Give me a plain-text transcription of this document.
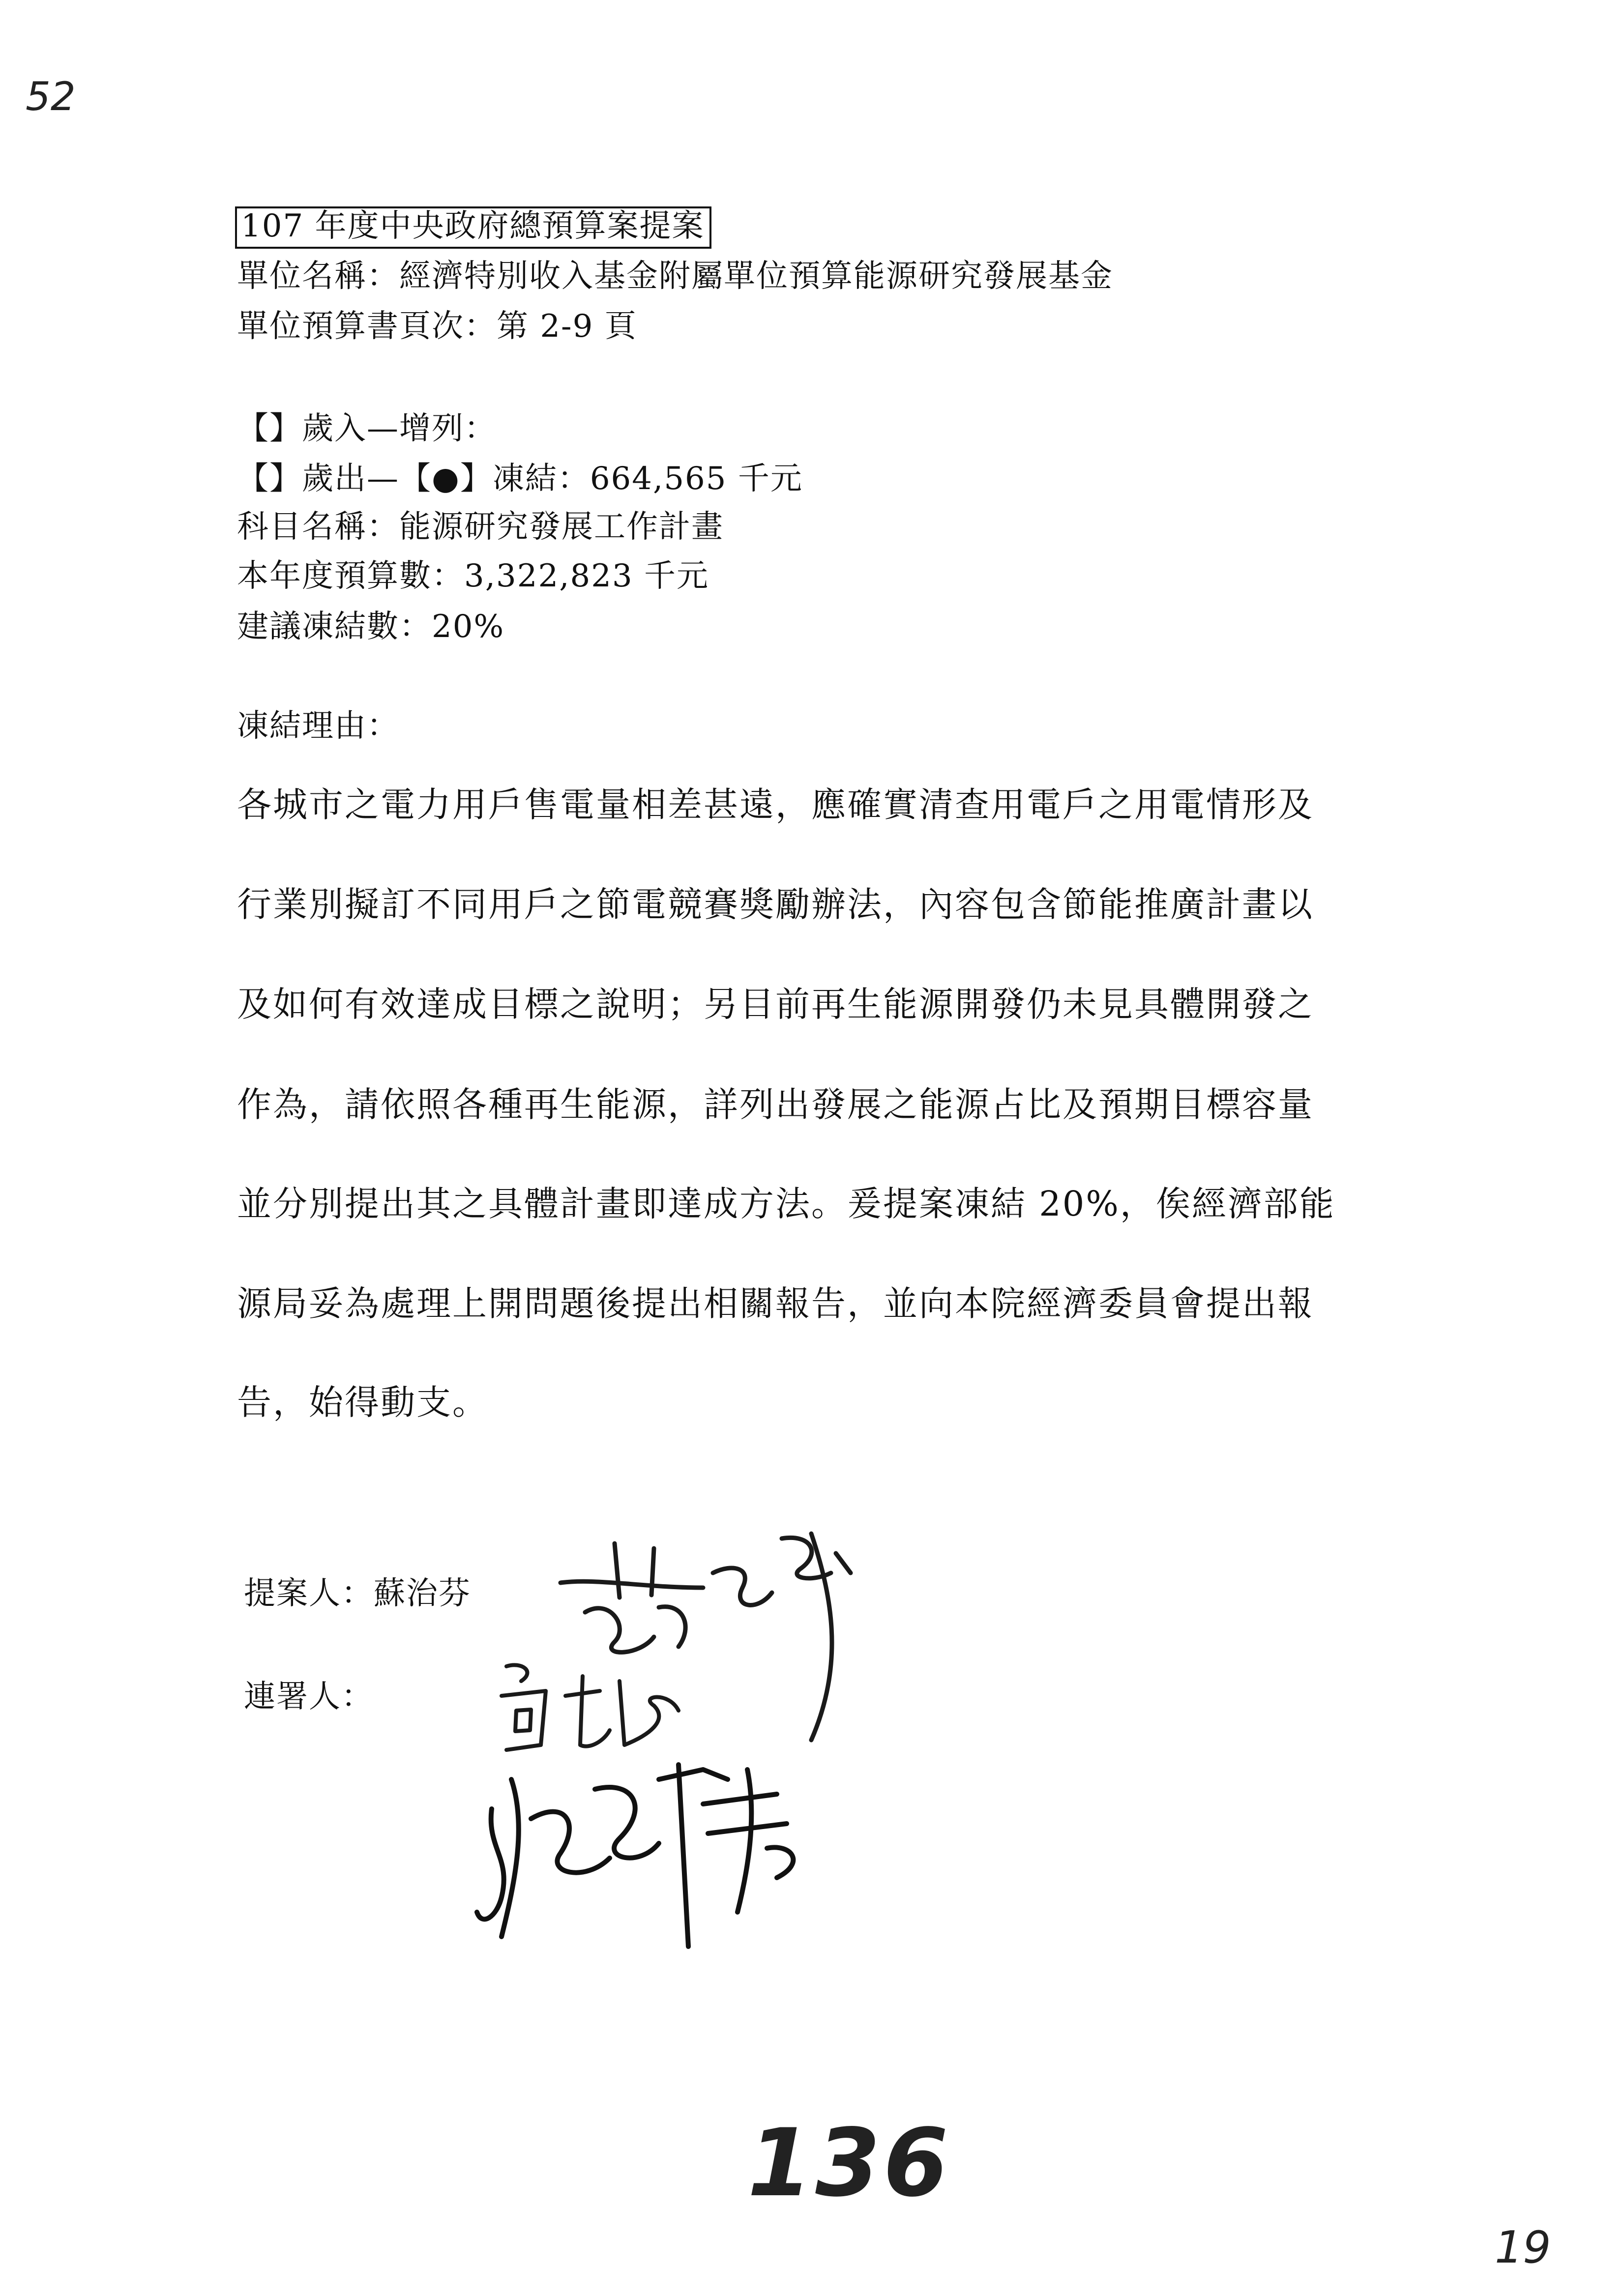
52
107 年度中央政府總預算案提案
單位名稱：經濟特別收入基金附屬單位預算能源研究發展基金
單位預算書頁次：第 2-9 頁
【】歲入—增列：
【】歲出—【●】凍結：664,565 千元
科目名稱：能源研究發展工作計畫
本年度預算數：3,322,823 千元
建議凍結數：20%
凍結理由：
各城市之電力用戶售電量相差甚遠，應確實清查用電戶之用電情形及
行業別擬訂不同用戶之節電競賽獎勵辦法，內容包含節能推廣計畫以
及如何有效達成目標之說明；另目前再生能源開發仍未見具體開發之
作為，請依照各種再生能源，詳列出發展之能源占比及預期目標容量
並分別提出其之具體計畫即達成方法。爰提案凍結 20%，俟經濟部能
源局妥為處理上開問題後提出相關報告，並向本院經濟委員會提出報
告，始得動支。
提案人：蘇治芬
連署人：
136
19
